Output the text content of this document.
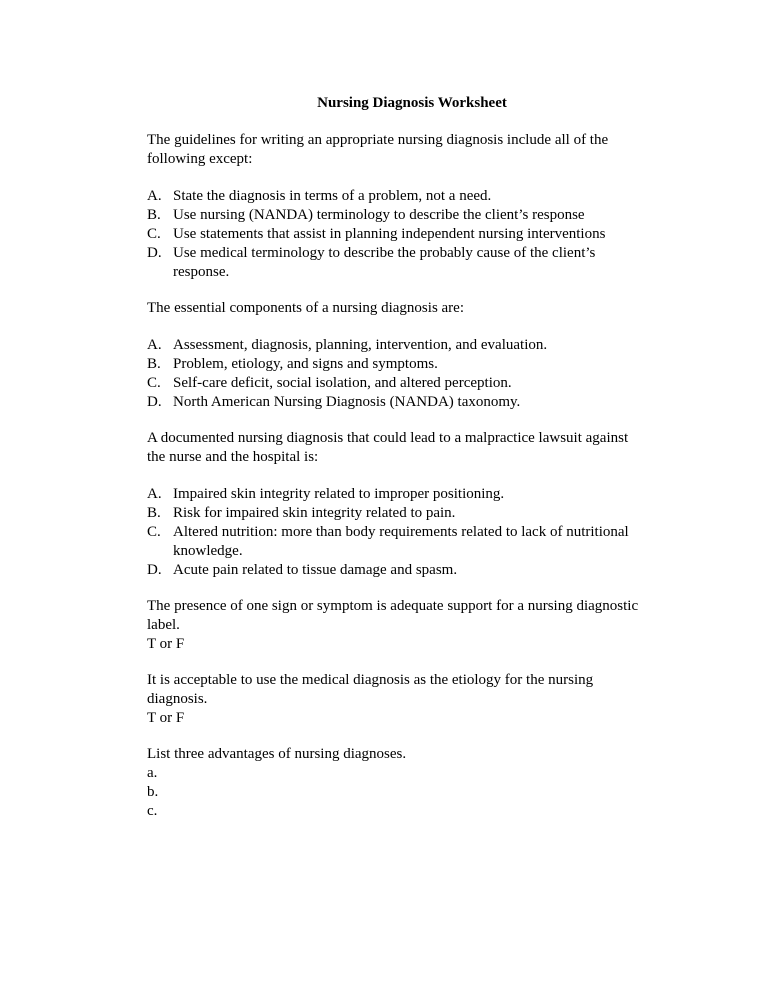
Nursing Diagnosis Worksheet

The guidelines for writing an appropriate nursing diagnosis include all of the following except:

A. State the diagnosis in terms of a problem, not a need.
B. Use nursing (NANDA) terminology to describe the client’s response
C. Use statements that assist in planning independent nursing interventions
D. Use medical terminology to describe the probably cause of the client’s response.

The essential components of a nursing diagnosis are:

A. Assessment, diagnosis, planning, intervention, and evaluation.
B. Problem, etiology, and signs and symptoms.
C. Self-care deficit, social isolation, and altered perception.
D. North American Nursing Diagnosis (NANDA) taxonomy.

A documented nursing diagnosis that could lead to a malpractice lawsuit against the nurse and the hospital is:

A. Impaired skin integrity related to improper positioning.
B. Risk for impaired skin integrity related to pain.
C. Altered nutrition: more than body requirements related to lack of nutritional knowledge.
D. Acute pain related to tissue damage and spasm.

The presence of one sign or symptom is adequate support for a nursing diagnostic label.

T or F

It is acceptable to use the medical diagnosis as the etiology for the nursing diagnosis.

T or F

List three advantages of nursing diagnoses.

a.

b.

c.
